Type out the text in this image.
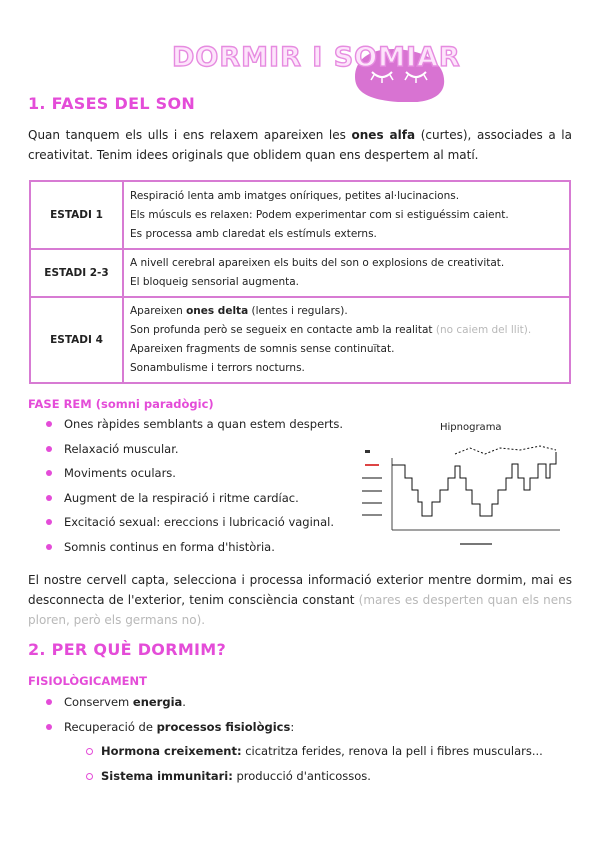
DORMIR I SOMIAR
1. FASES DEL SON
Quan tanquem els ulls i ens relaxem apareixen les ones alfa (curtes), associades a la creativitat. Tenim idees originals que oblidem quan ens despertem al matí.
ESTADI 1	Respiració lenta amb imatges oníriques, petites al·lucinacions.
Els músculs es relaxen: Podem experimentar com si estiguéssim caient.
Es processa amb claredat els estímuls externs.

ESTADI 2-3	A nivell cerebral apareixen els buits del son o explosions de creativitat.
El bloqueig sensorial augmenta.

ESTADI 4	Apareixen ones delta (lentes i regulars).
Son profunda però se segueix en contacte amb la realitat (no caiem del llit).
Apareixen fragments de somnis sense continuïtat.
Sonambulisme i terrors nocturns.
FASE REM (somni paradògic)
Ones ràpides semblants a quan estem desperts.
Relaxació muscular.
Moviments oculars.
Augment de la respiració i ritme cardíac.
Excitació sexual: ereccions i lubricació vaginal.
Somnis continus en forma d'història.
Hipnograma
El nostre cervell capta, selecciona i processa informació exterior mentre dormim, mai es desconnecta de l'exterior, tenim consciència constant (mares es desperten quan els nens ploren, però els germans no).
2. PER QUÈ DORMIM?
FISIOLÒGICAMENT
Conservem energia.
Recuperació de processos fisiològics:
Hormona creixement: cicatritza ferides, renova la pell i fibres musculars...
Sistema immunitari: producció d'anticossos.
